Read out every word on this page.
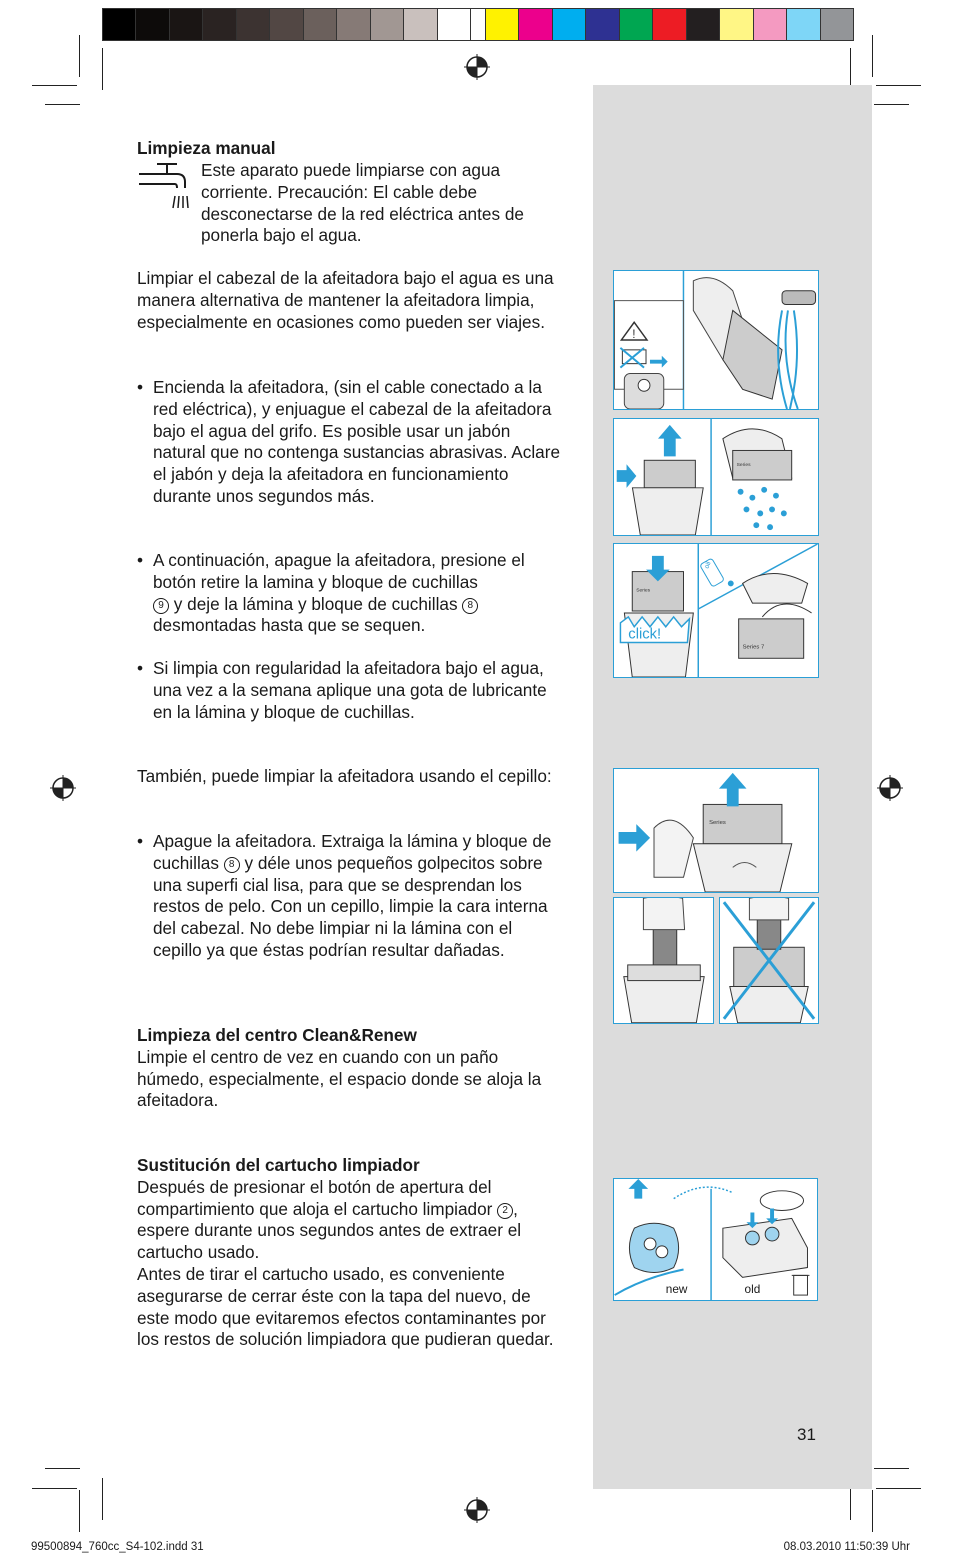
Limpieza manual

Este aparato puede limpiarse con agua corriente. Precaución: El cable debe desconectarse de la red eléctrica antes de ponerla bajo el agua.

Limpiar el cabezal de la afeitadora bajo el agua es una manera alternativa de mantener la afeitadora limpia, especialmente en ocasiones como pueden ser viajes.

• Encienda la afeitadora, (sin el cable conectado a la red eléctrica), y enjuague el cabezal de la afeitadora bajo el agua del grifo. Es posible usar un jabón natural que no contenga sustancias abrasivas. Aclare el jabón y deja la afeitadora en funcionamiento durante unos segundos más.

• A continuación, apague la afeitadora, presione el botón retire la lamina y bloque de cuchillas
9 y deje la lámina y bloque de cuchillas 8 desmontadas hasta que se sequen.

• Si limpia con regularidad la afeitadora bajo el agua, una vez a la semana aplique una gota de lubricante en la lámina y bloque de cuchillas.

También, puede limpiar la afeitadora usando el cepillo:

• Apague la afeitadora. Extraiga la lámina y bloque de cuchillas 8 y déle unos pequeños golpecitos sobre una superfi cial lisa, para que se desprendan los restos de pelo. Con un cepillo, limpie la cara interna del cabezal. No debe limpiar ni la lámina con el cepillo ya que éstas podrían resultar dañadas.

Limpieza del centro Clean&Renew

Limpie el centro de vez en cuando con un paño húmedo, especialmente, el espacio donde se aloja la afeitadora.

Sustitución del cartucho limpiador

Después de presionar el botón de apertura del compartimiento que aloja el cartucho limpiador 2 , espere durante unos segundos antes de extraer el cartucho usado.

Antes de tirar el cartucho usado, es conveniente asegurarse de cerrar éste con la tapa del nuevo, de este modo que evitaremos efectos contaminantes por los restos de solución limpiadora que pudieran quedar.

!
Series
Series
click!
oil
Series 7
Series
new	old
31
99500894_760cc_S4-102.indd 31	08.03.2010 11:50:39 Uhr
